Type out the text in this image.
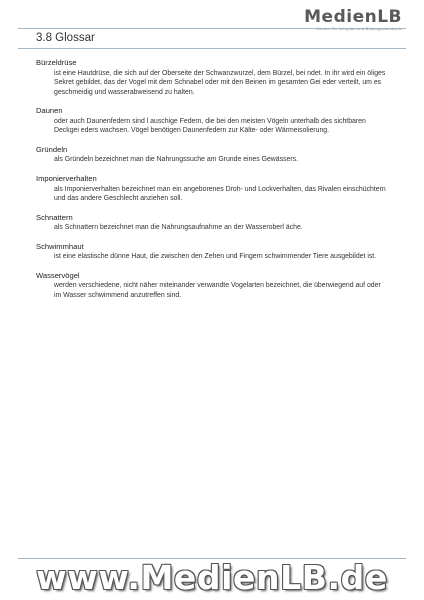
MedienLB
Medien für Lehrplan und Bildungsstandards
3.8 Glossar
Bürzeldrüse
ist eine Hautdrüse, die sich auf der Oberseite der Schwanzwurzel, dem Bürzel, bei ndet. In ihr wird ein öliges Sekret gebildet, das der Vogel mit dem Schnabel oder mit den Beinen im gesamten Gei eder verteilt, um es geschmeidig und wasserabweisend zu halten.
Daunen
oder auch Daunenfedern sind l auschige Federn, die bei den meisten Vögeln unterhalb des sichtbaren Deckgei eders wachsen. Vögel benötigen Daunenfedern zur Kälte- oder Wärmeisolierung.
Gründeln
als Gründeln bezeichnet man die Nahrungssuche am Grunde eines Gewässers.
Imponierverhalten
als Imponierverhalten bezeichnet man ein angeborenes Droh- und Lockverhalten, das Rivalen einschüchtern und das andere Geschlecht anziehen soll.
Schnattern
als Schnattern bezeichnet man die Nahrungsaufnahme an der Wasseroberl äche.
Schwimmhaut
ist eine elastische dünne Haut, die zwischen den Zehen und Fingern schwimmender Tiere ausgebildet ist.
Wasservögel
werden verschiedene, nicht näher miteinander verwandte Vogelarten bezeichnet, die überwiegend auf oder im Wasser schwimmend anzutreffen sind.
www.MedienLB.de
